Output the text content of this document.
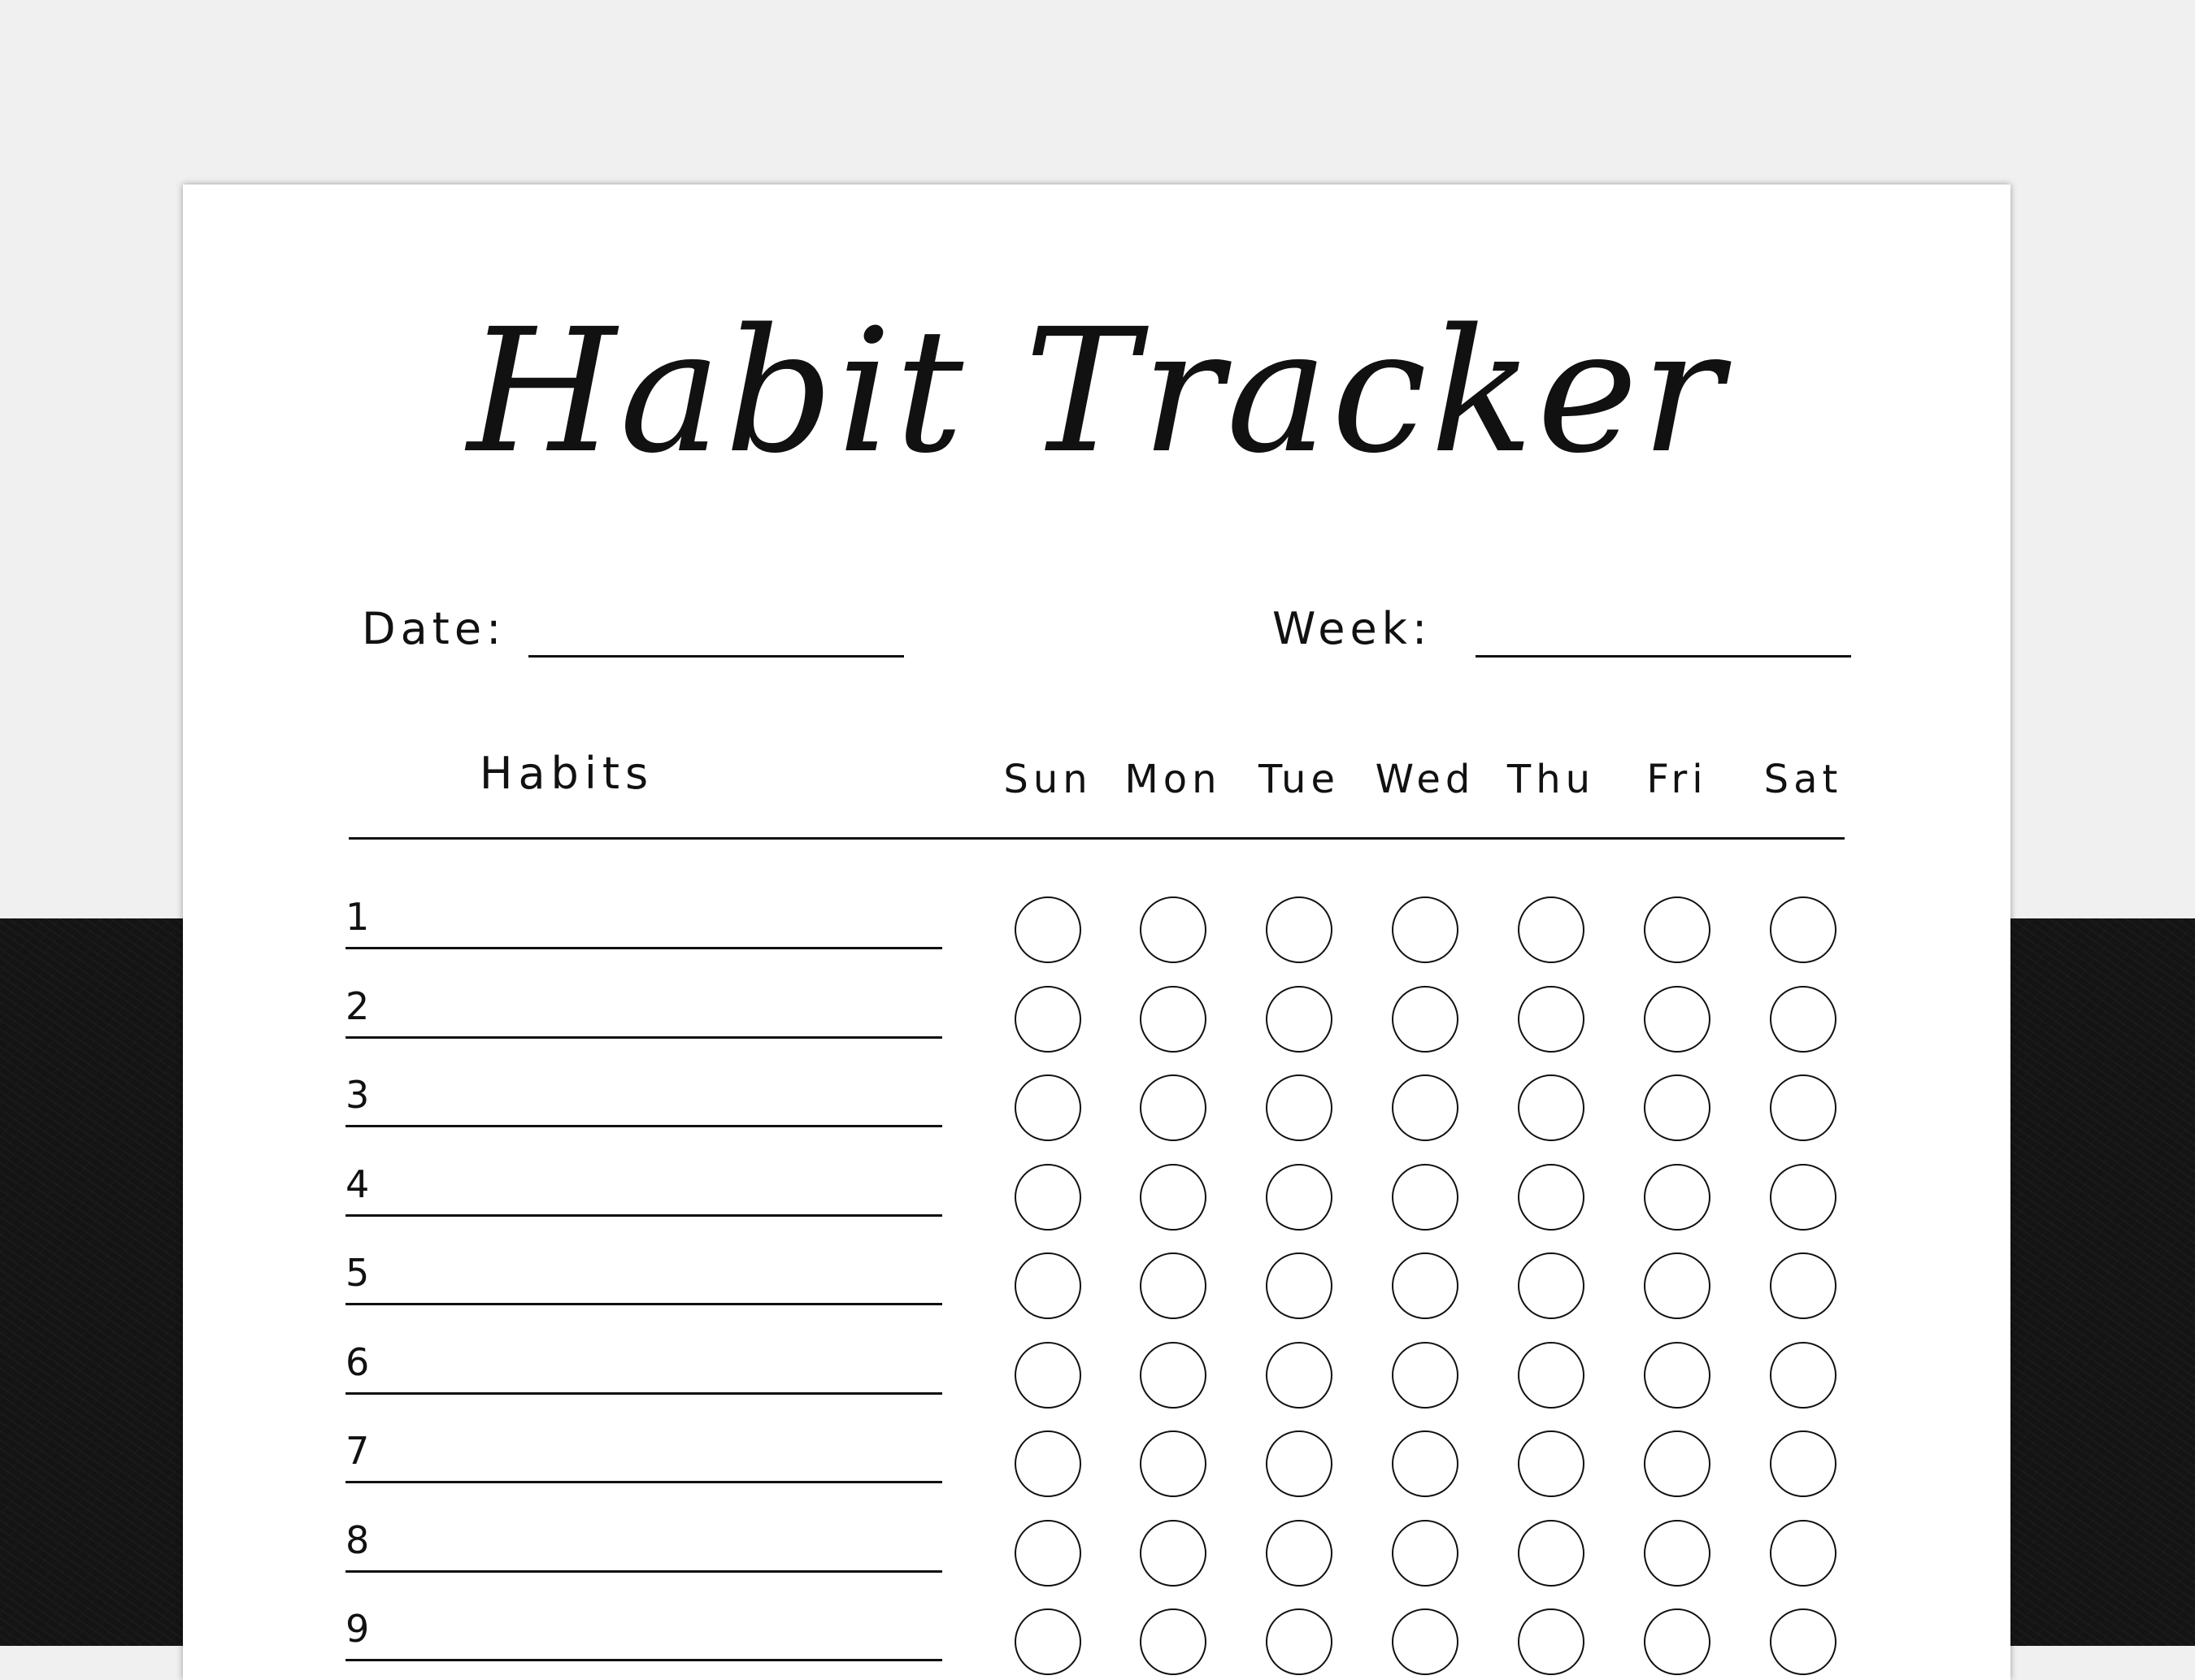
Habit Tracker
Date:	Week:
Habits	Sun Mon Tue Wed Thu	Fri	Sat
1
2
3
4
5
6
7
8
9
